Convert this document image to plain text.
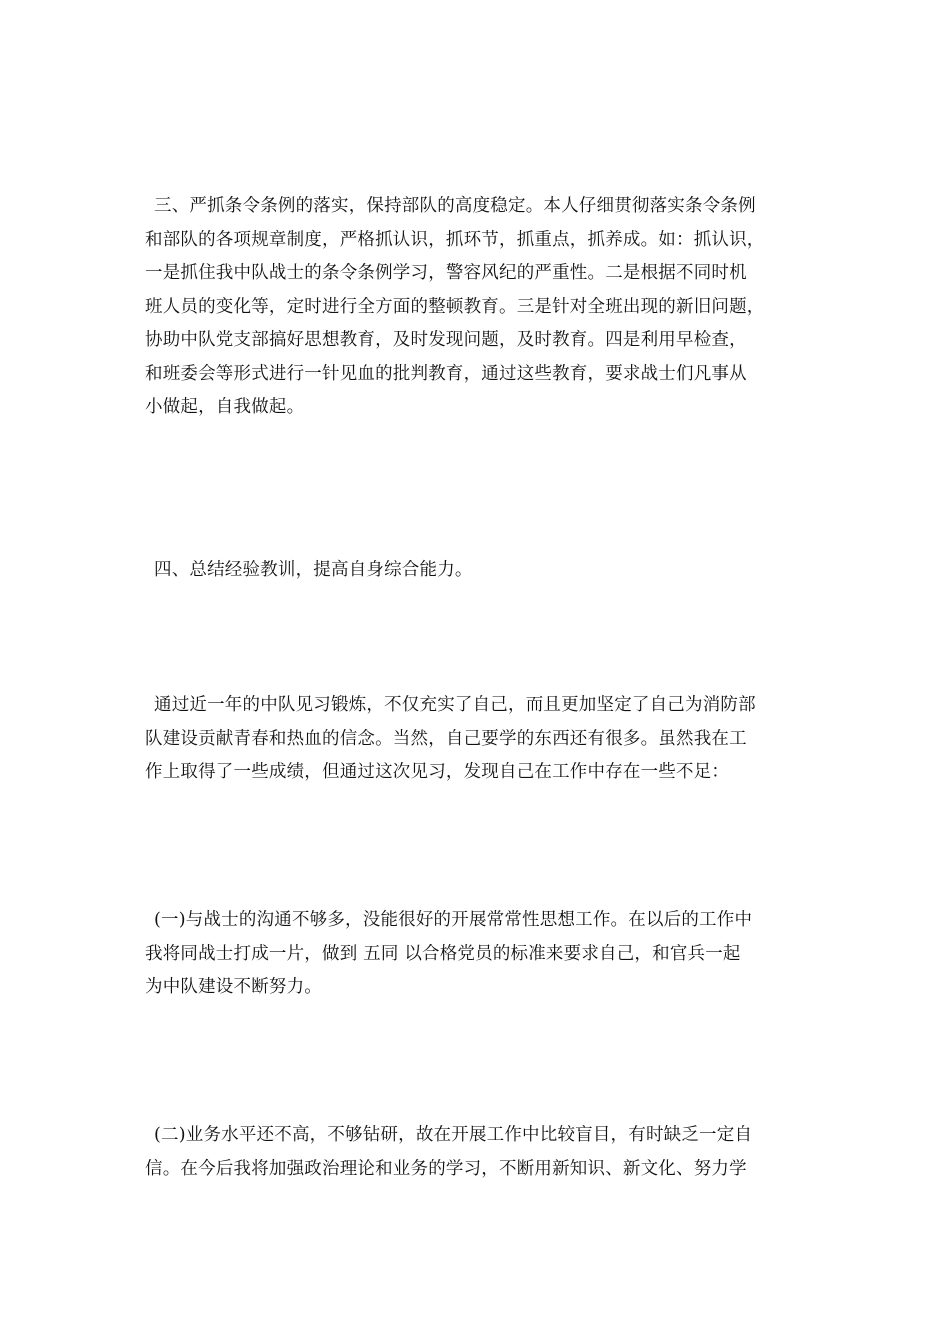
三、严抓条令条例的落实，保持部队的高度稳定。本人仔细贯彻落实条令条例
和部队的各项规章制度，严格抓认识，抓环节，抓重点，抓养成。如：抓认识，
一是抓住我中队战士的条令条例学习，警容风纪的严重性。二是根据不同时机
班人员的变化等，定时进行全方面的整顿教育。三是针对全班出现的新旧问题，
协助中队党支部搞好思想教育，及时发现问题，及时教育。四是利用早检查，
和班委会等形式进行一针见血的批判教育，通过这些教育，要求战士们凡事从
小做起，自我做起。
四、总结经验教训，提高自身综合能力。
通过近一年的中队见习锻炼，不仅充实了自己，而且更加坚定了自己为消防部
队建设贡献青春和热血的信念。当然，自己要学的东西还有很多。虽然我在工
作上取得了一些成绩，但通过这次见习，发现自己在工作中存在一些不足：
(一)与战士的沟通不够多，没能很好的开展常常性思想工作。在以后的工作中
我将同战士打成一片，做到 五同 以合格党员的标准来要求自己，和官兵一起
为中队建设不断努力。
(二)业务水平还不高，不够钻研，故在开展工作中比较盲目，有时缺乏一定自
信。在今后我将加强政治理论和业务的学习，不断用新知识、新文化、努力学
